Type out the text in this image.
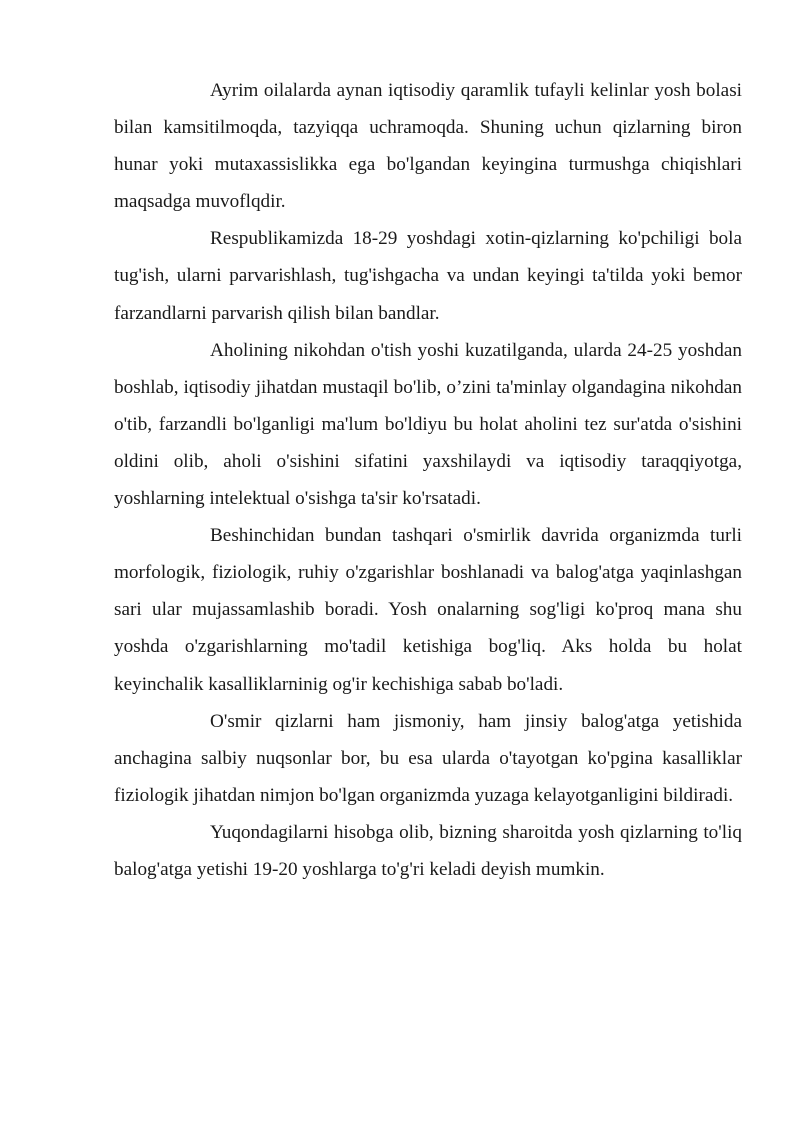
Ayrim oilalarda aynan iqtisodiy qaramlik tufayli kelinlar yosh bolasi bilan kamsitilmoqda, tazyiqqa uchramoqda. Shuning uchun qizlarning biron hunar yoki mutaxassislikka ega bo'lgandan keyingina turmushga chiqishlari maqsadga muvoflqdir.

Respublikamizda 18-29 yoshdagi xotin-qizlarning ko'pchiligi bola tug'ish, ularni parvarishlash, tug'ishgacha va undan keyingi ta'tilda yoki bemor farzandlarni parvarish qilish bilan bandlar.

Aholining nikohdan o'tish yoshi kuzatilganda, ularda 24-25 yoshdan boshlab, iqtisodiy jihatdan mustaqil bo'lib, o’zini ta'minlay olgandagina nikohdan o'tib, farzandli bo'lganligi ma'lum bo'ldiyu bu holat aholini tez sur'atda o'sishini oldini olib, aholi o'sishini sifatini yaxshilaydi va iqtisodiy taraqqiyotga, yoshlarning intelektual o'sishga ta'sir ko'rsatadi.

Beshinchidan bundan tashqari o'smirlik davrida organizmda turli morfologik, fiziologik, ruhiy o'zgarishlar boshlanadi va balog'atga yaqinlashgan sari ular mujassamlashib boradi. Yosh onalarning sog'ligi ko'proq mana shu yoshda o'zgarishlarning mo'tadil ketishiga bog'liq. Aks holda bu holat keyinchalik kasalliklarninig og'ir kechishiga sabab bo'ladi.

O'smir qizlarni ham jismoniy, ham jinsiy balog'atga yetishida anchagina salbiy nuqsonlar bor, bu esa ularda o'tayotgan ko'pgina kasalliklar fiziologik jihatdan nimjon bo'lgan organizmda yuzaga kelayotganligini bildiradi.

Yuqondagilarni hisobga olib, bizning sharoitda yosh qizlarning to'liq balog'atga yetishi 19-20 yoshlarga to'g'ri keladi deyish mumkin.
